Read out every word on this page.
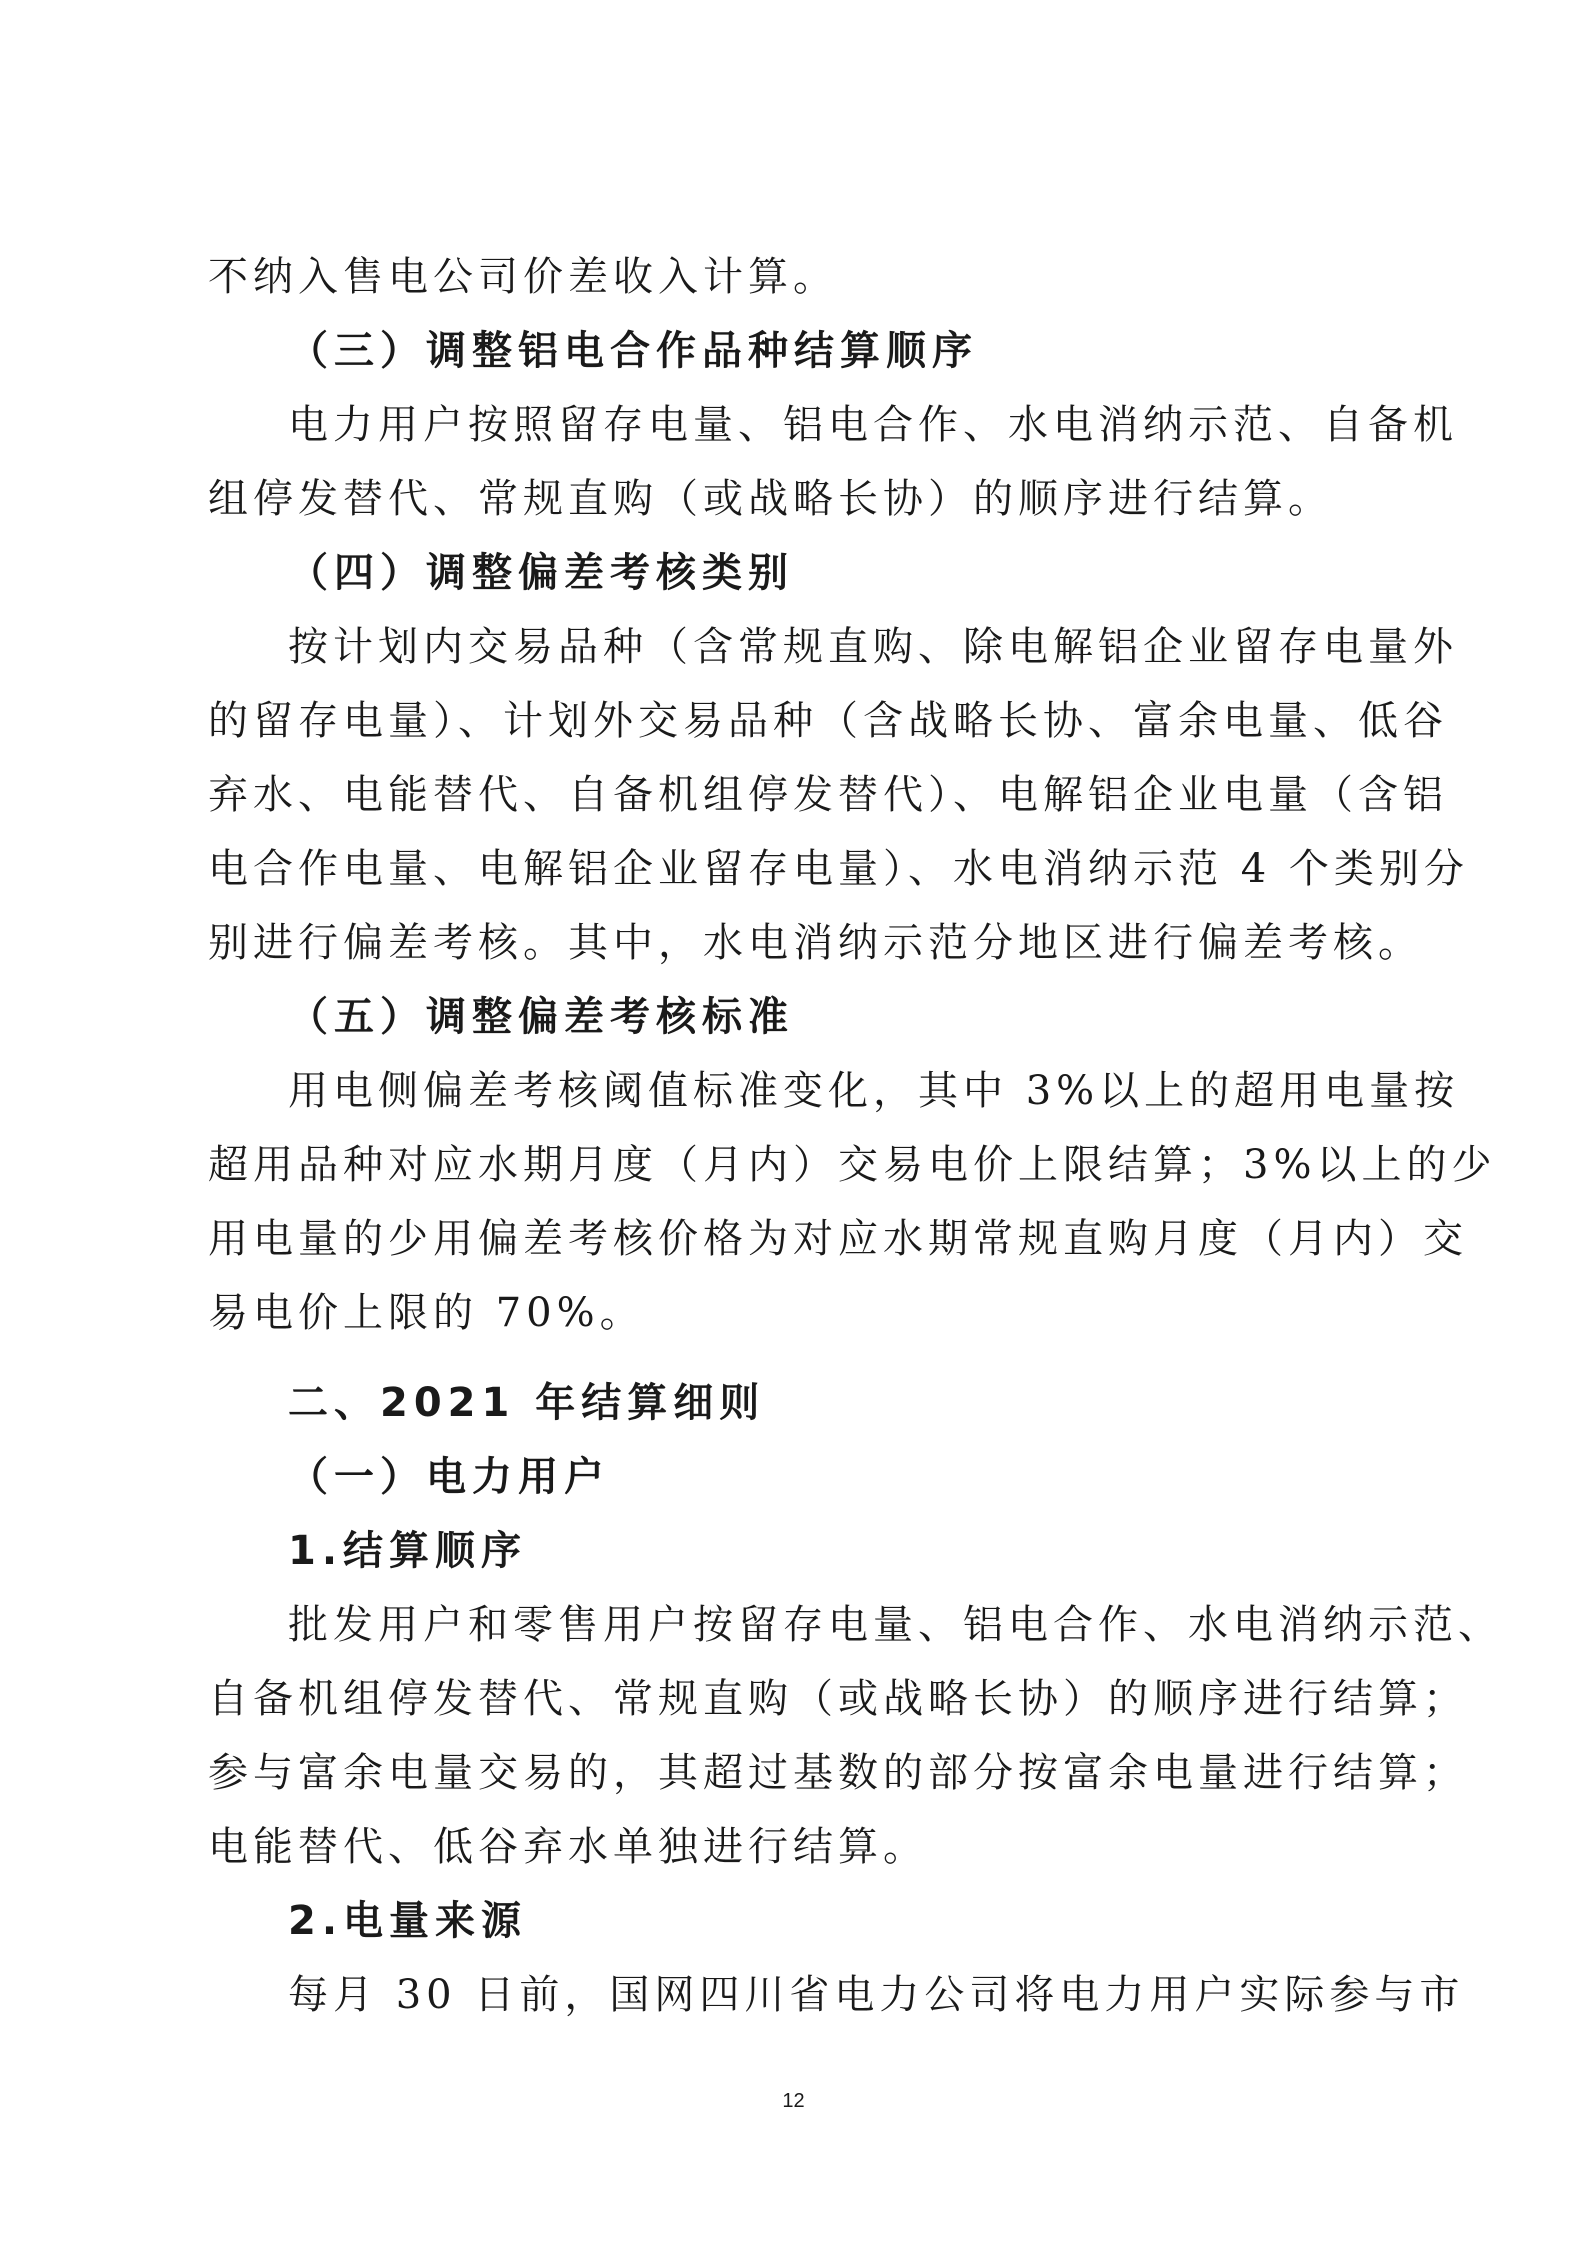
不纳入售电公司价差收入计算。
（三）调整铝电合作品种结算顺序
电力用户按照留存电量、铝电合作、水电消纳示范、自备机
组停发替代、常规直购（或战略长协）的顺序进行结算。
（四）调整偏差考核类别
按计划内交易品种（含常规直购、除电解铝企业留存电量外
的留存电量）、计划外交易品种（含战略长协、富余电量、低谷
弃水、电能替代、自备机组停发替代）、电解铝企业电量（含铝
电合作电量、电解铝企业留存电量）、水电消纳示范 4 个类别分
别进行偏差考核。其中，水电消纳示范分地区进行偏差考核。
（五）调整偏差考核标准
用电侧偏差考核阈值标准变化，其中 3%以上的超用电量按
超用品种对应水期月度（月内）交易电价上限结算；3%以上的少
用电量的少用偏差考核价格为对应水期常规直购月度（月内）交
易电价上限的 70%。
二、2021 年结算细则
（一）电力用户
1.结算顺序
批发用户和零售用户按留存电量、铝电合作、水电消纳示范、
自备机组停发替代、常规直购（或战略长协）的顺序进行结算；
参与富余电量交易的，其超过基数的部分按富余电量进行结算；
电能替代、低谷弃水单独进行结算。
2.电量来源
每月 30 日前，国网四川省电力公司将电力用户实际参与市
12
